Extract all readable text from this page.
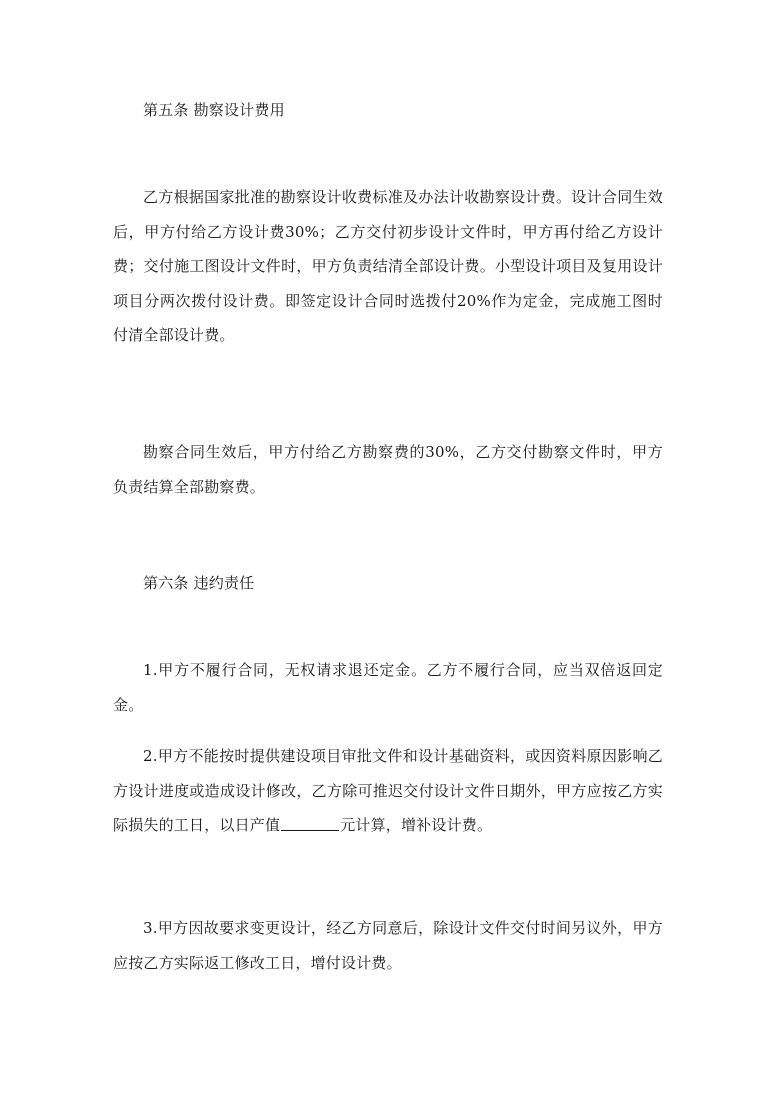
第五条 勘察设计费用
乙方根据国家批准的勘察设计收费标准及办法计收勘察设计费。设计合同生效后，甲方付给乙方设计费30%；乙方交付初步设计文件时，甲方再付给乙方设计费；交付施工图设计文件时，甲方负责结清全部设计费。小型设计项目及复用设计项目分两次拨付设计费。即签定设计合同时选拨付20%作为定金，完成施工图时付清全部设计费。
勘察合同生效后，甲方付给乙方勘察费的30%，乙方交付勘察文件时，甲方负责结算全部勘察费。
第六条 违约责任
1.甲方不履行合同，无权请求退还定金。乙方不履行合同，应当双倍返回定金。
2.甲方不能按时提供建设项目审批文件和设计基础资料，或因资料原因影响乙方设计进度或造成设计修改，乙方除可推迟交付设计文件日期外，甲方应按乙方实际损失的工日，以日产值	元计算，增补设计费。
3.甲方因故要求变更设计，经乙方同意后，除设计文件交付时间另议外，甲方应按乙方实际返工修改工日，增付设计费。
